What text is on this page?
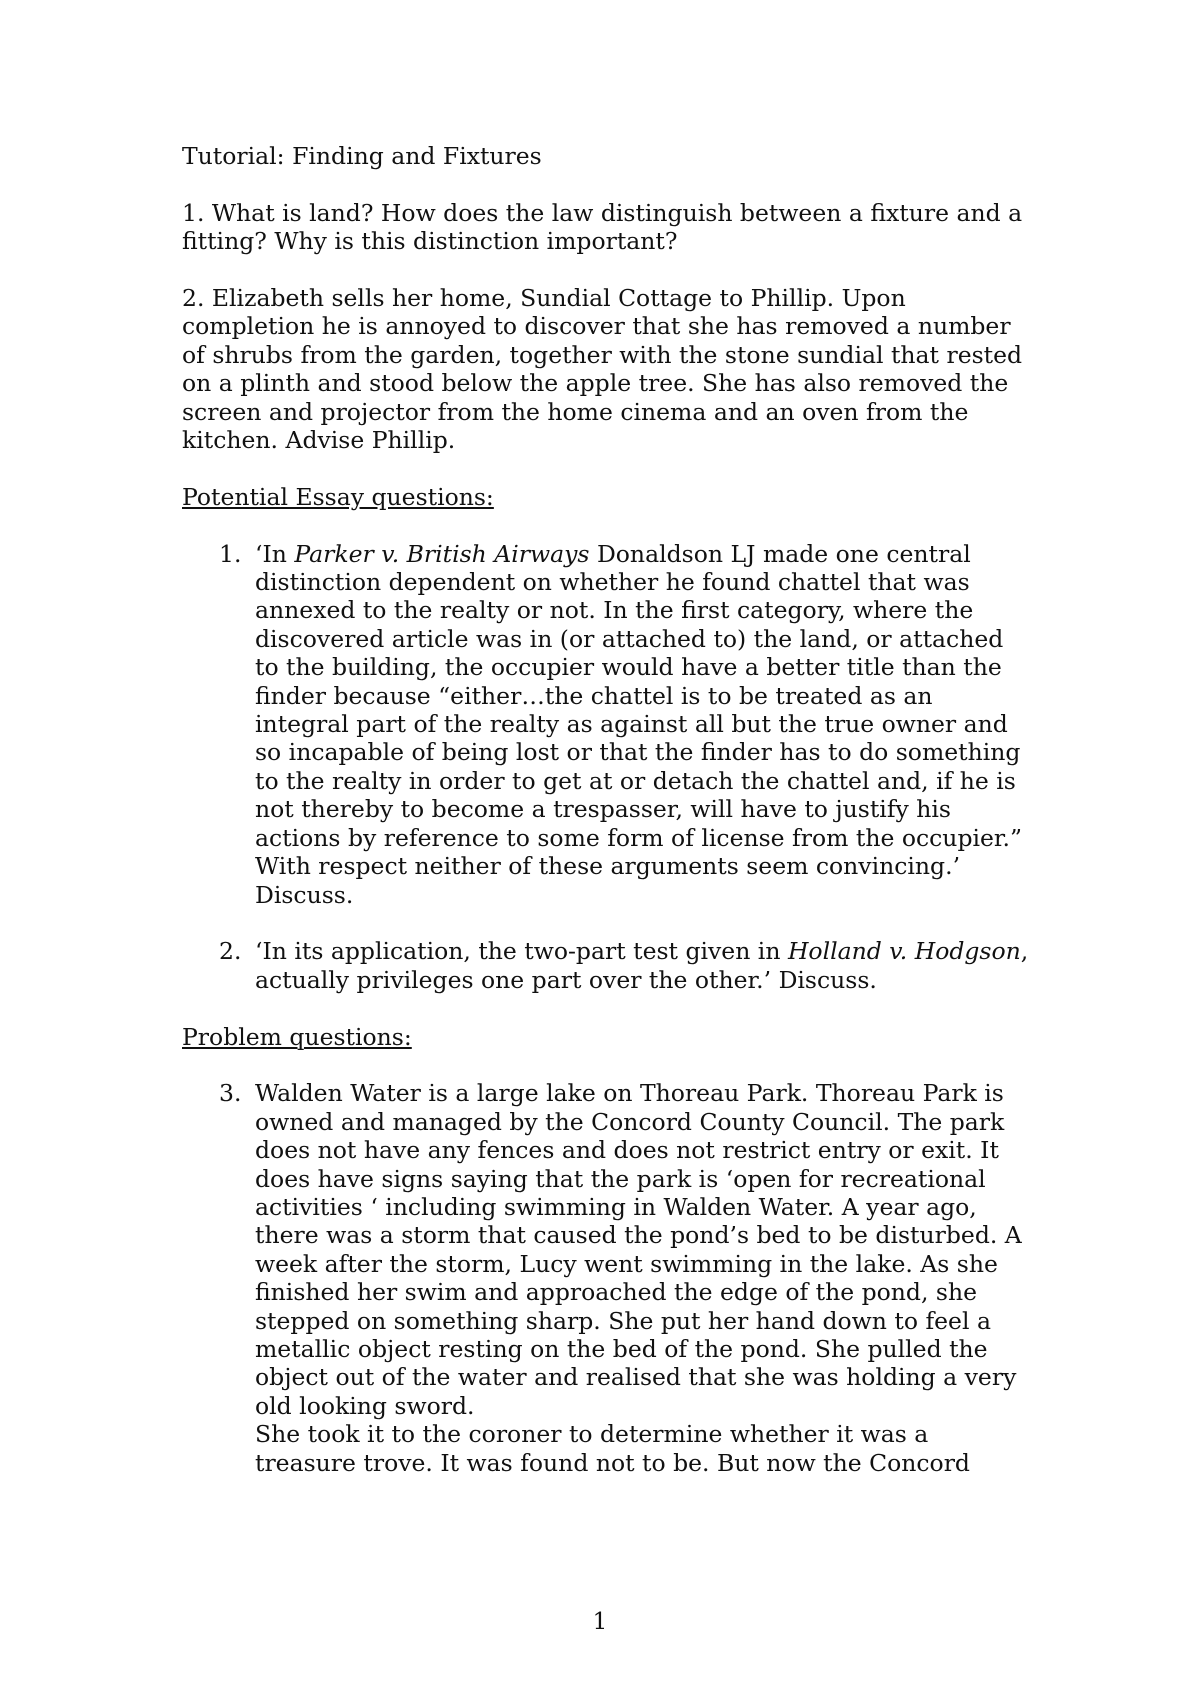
Tutorial: Finding and Fixtures

1. What is land? How does the law distinguish between a fixture and a fitting? Why is this distinction important?

2. Elizabeth sells her home, Sundial Cottage to Phillip. Upon completion he is annoyed to discover that she has removed a number of shrubs from the garden, together with the stone sundial that rested on a plinth and stood below the apple tree. She has also removed the screen and projector from the home cinema and an oven from the kitchen. Advise Phillip.

Potential Essay questions:

1. ‘In Parker v. British Airways Donaldson LJ made one central distinction dependent on whether he found chattel that was annexed to the realty or not. In the first category, where the discovered article was in (or attached to) the land, or attached to the building, the occupier would have a better title than the finder because “either…the chattel is to be treated as an integral part of the realty as against all but the true owner and so incapable of being lost or that the finder has to do something to the realty in order to get at or detach the chattel and, if he is not thereby to become a trespasser, will have to justify his actions by reference to some form of license from the occupier.”

With respect neither of these arguments seem convincing.’ Discuss.

2. ‘In its application, the two-part test given in Holland v. Hodgson, actually privileges one part over the other.’ Discuss.

Problem questions:

3. Walden Water is a large lake on Thoreau Park. Thoreau Park is owned and managed by the Concord County Council. The park does not have any fences and does not restrict entry or exit. It does have signs saying that the park is ‘open for recreational activities ‘ including swimming in Walden Water. A year ago, there was a storm that caused the pond’s bed to be disturbed. A week after the storm, Lucy went swimming in the lake. As she finished her swim and approached the edge of the pond, she stepped on something sharp. She put her hand down to feel a metallic object resting on the bed of the pond. She pulled the object out of the water and realised that she was holding a very old looking sword.

She took it to the coroner to determine whether it was a treasure trove. It was found not to be. But now the Concord

1
